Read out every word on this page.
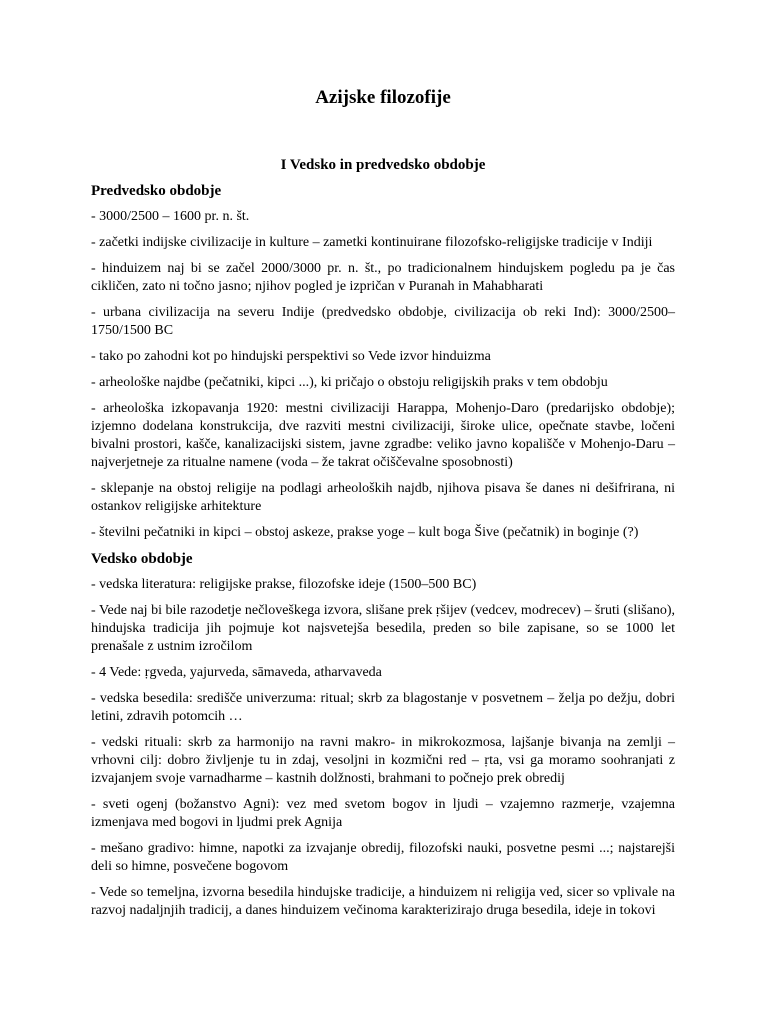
Azijske filozofije
I Vedsko in predvedsko obdobje
Predvedsko obdobje

- 3000/2500 – 1600 pr. n. št.

- začetki indijske civilizacije in kulture – zametki kontinuirane filozofsko-religijske tradicije v Indiji

- hinduizem naj bi se začel 2000/3000 pr. n. št., po tradicionalnem hindujskem pogledu pa je čas cikličen, zato ni točno jasno; njihov pogled je izpričan v Puranah in Mahabharati

- urbana civilizacija na severu Indije (predvedsko obdobje, civilizacija ob reki Ind): 3000/2500–1750/1500 BC

- tako po zahodni kot po hindujski perspektivi so Vede izvor hinduizma

- arheološke najdbe (pečatniki, kipci ...), ki pričajo o obstoju religijskih praks v tem obdobju

- arheološka izkopavanja 1920: mestni civilizaciji Harappa, Mohenjo-Daro (predarijsko obdobje); izjemno dodelana konstrukcija, dve razviti mestni civilizaciji, široke ulice, opečnate stavbe, ločeni bivalni prostori, kašče, kanalizacijski sistem, javne zgradbe: veliko javno kopališče v Mohenjo-Daru – najverjetneje za ritualne namene (voda – že takrat očiščevalne sposobnosti)

- sklepanje na obstoj religije na podlagi arheoloških najdb, njihova pisava še danes ni dešifrirana, ni ostankov religijske arhitekture

- številni pečatniki in kipci – obstoj askeze, prakse yoge – kult boga Šive (pečatnik) in boginje (?)

Vedsko obdobje

- vedska literatura: religijske prakse, filozofske ideje (1500–500 BC)

- Vede naj bi bile razodetje nečloveškega izvora, slišane prek ṛšijev (vedcev, modrecev) – šruti (slišano), hindujska tradicija jih pojmuje kot najsvetejša besedila, preden so bile zapisane, so se 1000 let prenašale z ustnim izročilom

- 4 Vede: ṛgveda, yajurveda, sāmaveda, atharvaveda

- vedska besedila: središče univerzuma: ritual; skrb za blagostanje v posvetnem – želja po dežju, dobri letini, zdravih potomcih …

- vedski rituali: skrb za harmonijo na ravni makro- in mikrokozmosa, lajšanje bivanja na zemlji – vrhovni cilj: dobro življenje tu in zdaj, vesoljni in kozmični red – ṛta, vsi ga moramo soohranjati z izvajanjem svoje varnadharme – kastnih dolžnosti, brahmani to počnejo prek obredij

- sveti ogenj (božanstvo Agni): vez med svetom bogov in ljudi – vzajemno razmerje, vzajemna izmenjava med bogovi in ljudmi prek Agnija

- mešano gradivo: himne, napotki za izvajanje obredij, filozofski nauki, posvetne pesmi ...; najstarejši deli so himne, posvečene bogovom

- Vede so temeljna, izvorna besedila hindujske tradicije, a hinduizem ni religija ved, sicer so vplivale na razvoj nadaljnjih tradicij, a danes hinduizem večinoma karakterizirajo druga besedila, ideje in tokovi
